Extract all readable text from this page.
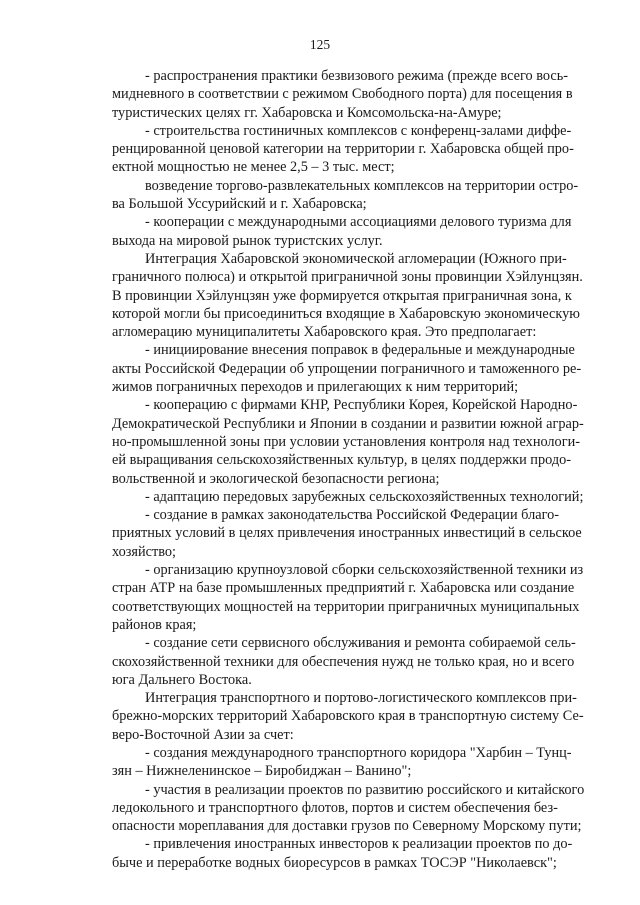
125

- распространения практики безвизового режима (прежде всего вось-
мидневного в соответствии с режимом Свободного порта) для посещения в
туристических целях гг. Хабаровска и Комсомольска-на-Амуре;

- строительства гостиничных комплексов с конференц-залами диффе-
ренцированной ценовой категории на территории г. Хабаровска общей про-
ектной мощностью не менее 2,5 – 3 тыс. мест;

возведение торгово-развлекательных комплексов на территории остро-
ва Большой Уссурийский и г. Хабаровска;

- кооперации с международными ассоциациями делового туризма для
выхода на мировой рынок туристских услуг.

Интеграция Хабаровской экономической агломерации (Южного при-
граничного полюса) и открытой приграничной зоны провинции Хэйлунцзян.
В провинции Хэйлунцзян уже формируется открытая приграничная зона, к
которой могли бы присоединиться входящие в Хабаровскую экономическую
агломерацию муниципалитеты Хабаровского края. Это предполагает:

- инициирование внесения поправок в федеральные и международные
акты Российской Федерации об упрощении пограничного и таможенного ре-
жимов пограничных переходов и прилегающих к ним территорий;

- кооперацию с фирмами КНР, Республики Корея, Корейской Народно-
Демократической Республики и Японии в создании и развитии южной аграр-
но-промышленной зоны при условии установления контроля над технологи-
ей выращивания сельскохозяйственных культур, в целях поддержки продо-
вольственной и экологической безопасности региона;

- адаптацию передовых зарубежных сельскохозяйственных технологий;

- создание в рамках законодательства Российской Федерации благо-
приятных условий в целях привлечения иностранных инвестиций в сельское
хозяйство;

- организацию крупноузловой сборки сельскохозяйственной техники из
стран АТР на базе промышленных предприятий г. Хабаровска или создание
соответствующих мощностей на территории приграничных муниципальных
районов края;

- создание сети сервисного обслуживания и ремонта собираемой сель-
скохозяйственной техники для обеспечения нужд не только края, но и всего
юга Дальнего Востока.

Интеграция транспортного и портово-логистического комплексов при-
брежно-морских территорий Хабаровского края в транспортную систему Се-
веро-Восточной Азии за счет:

- создания международного транспортного коридора "Харбин – Тунц-
зян – Нижнеленинское – Биробиджан – Ванино";

- участия в реализации проектов по развитию российского и китайского
ледокольного и транспортного флотов, портов и систем обеспечения без-
опасности мореплавания для доставки грузов по Северному Морскому пути;

- привлечения иностранных инвесторов к реализации проектов по до-
быче и переработке водных биоресурсов в рамках ТОСЭР "Николаевск";
